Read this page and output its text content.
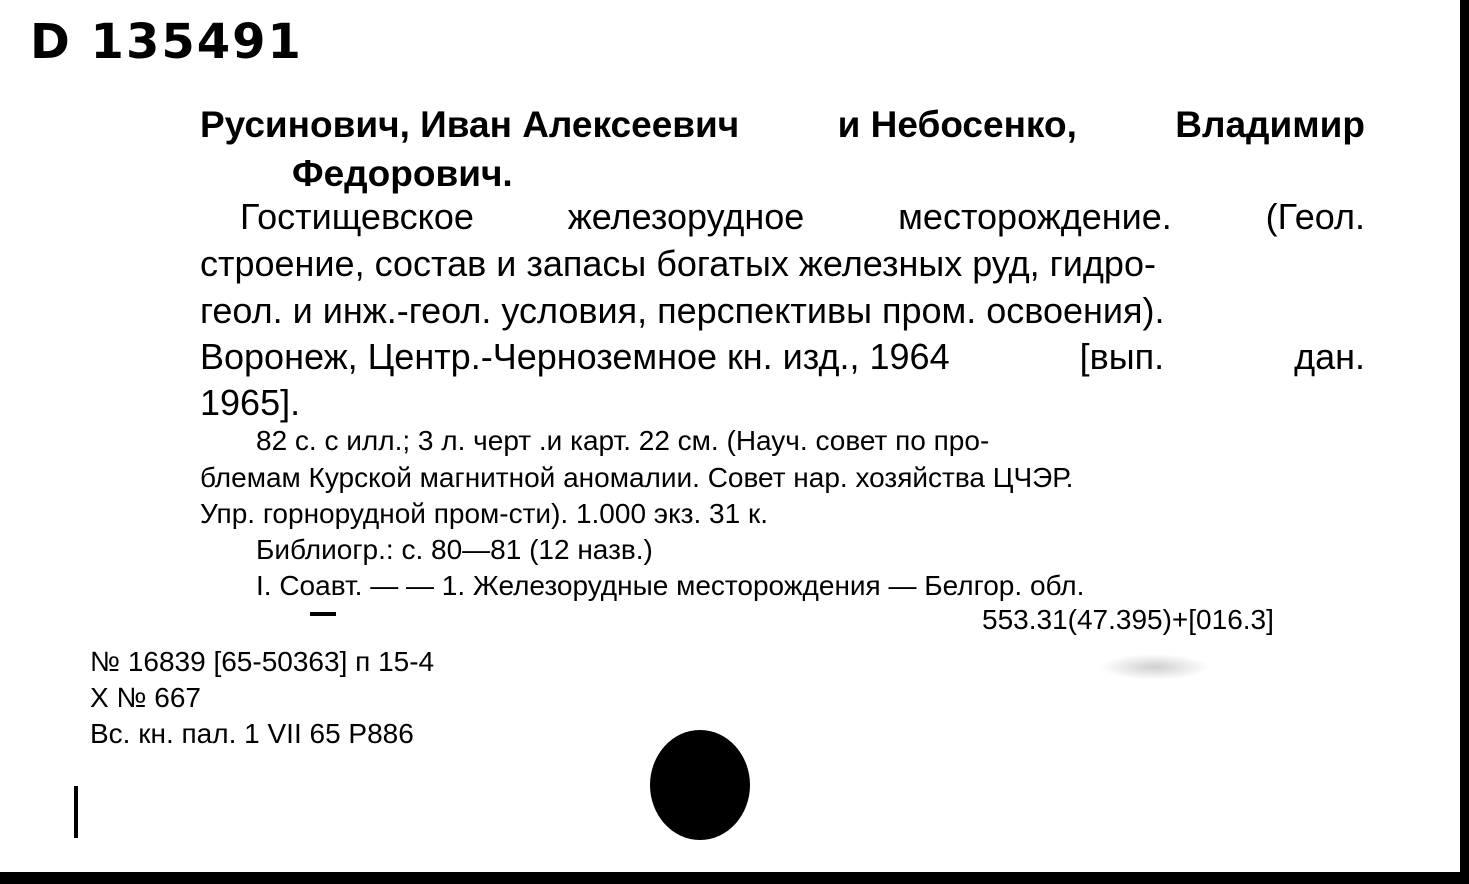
D 135491
Русинович, Иван Алексеевич	и Небосенко,	Владимир
Федорович.
Гостищевское	железорудное	месторождение.	(Геол.
строение, состав и запасы богатых железных руд, гидро-
геол. и инж.-геол. условия, перспективы пром. освоения).
Воронеж, Центр.-Черноземное кн. изд., 1964	[вып.	дан.
1965].
82 с. с илл.; 3 л. черт .и карт. 22 см. (Науч. совет по про-
блемам Курской магнитной аномалии. Совет нар. хозяйства ЦЧЭР.
Упр. горнорудной пром-сти). 1.000 экз. 31 к.
Библиогр.: с. 80—81 (12 назв.)
I. Соавт. — — 1. Железорудные месторождения — Белгор. обл.
553.31(47.395)+[016.3]
№ 16839 [65-50363] п 15-4
Х № 667
Вс. кн. пал. 1 VII 65 Р886
